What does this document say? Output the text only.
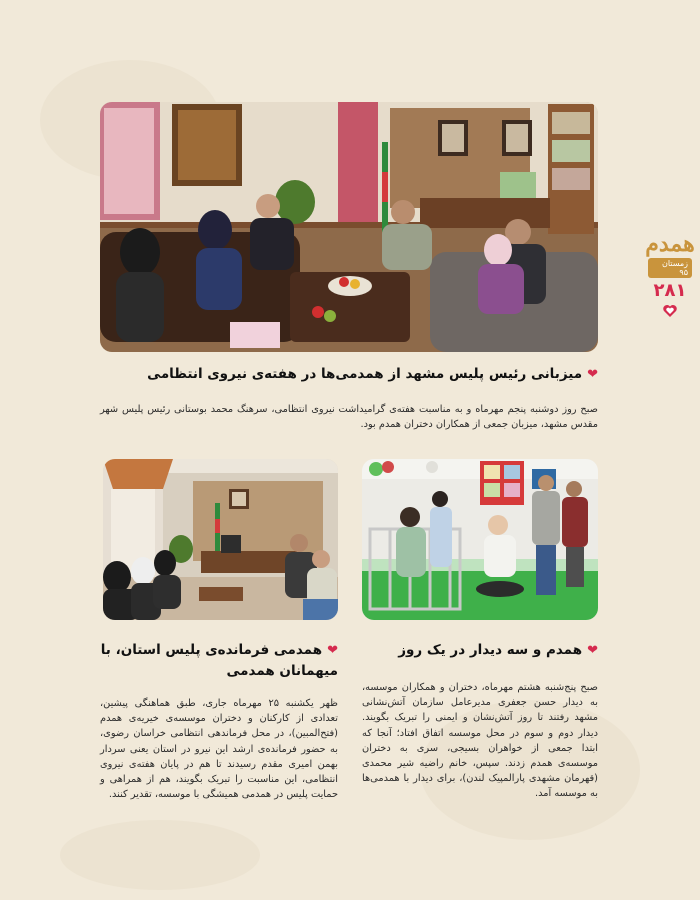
همدم
زمستان ۹۵
۲۸۱
❤میزبانی رئیس پلیس مشهد از همدمی‌ها در هفته‌ی نیروی انتظامی

صبح روز دوشنبه پنجم مهرماه و به مناسبت هفته‌ی گرامیداشت نیروی انتظامی، سرهنگ محمد بوستانی رئیس پلیس شهر مقدس مشهد، میزبان جمعی از همکاران دختران همدم بود.

❤همدم و سه دیدار در یک روز

صبح پنج‌شنبه هشتم مهرماه، دختران و همکاران موسسه، به دیدار حسن جعفری مدیرعامل سازمان آتش‌نشانی مشهد رفتند تا روز آتش‌نشان و ایمنی را تبریک بگویند. دیدار دوم و سوم در محل موسسه اتفاق افتاد؛ آنجا که ابتدا جمعی از خواهران بسیجی، سری به دختران موسسه‌ی همدم زدند. سپس، خانم راضیه شیر محمدی (قهرمان مشهدی پارالمپیک لندن)، برای دیدار با همدمی‌ها به موسسه آمد.

❤همدمی فرمانده‌ی پلیس استان، با میهمانان همدمی

ظهر یکشنبه ۲۵ مهرماه جاری، طبق هماهنگی پیشین، تعدادی از کارکنان و دختران موسسه‌ی خیریه‌ی همدم (فتح‌المبین)، در محل فرماندهی انتظامی خراسان رضوی، به حضور فرمانده‌ی ارشد این نیرو در استان یعنی سردار بهمن امیری مقدم رسیدند تا هم در پایان هفته‌ی نیروی انتظامی، این مناسبت را تبریک بگویند، هم از همراهی و حمایت پلیس در همدمی همیشگی با موسسه، تقدیر کنند.
